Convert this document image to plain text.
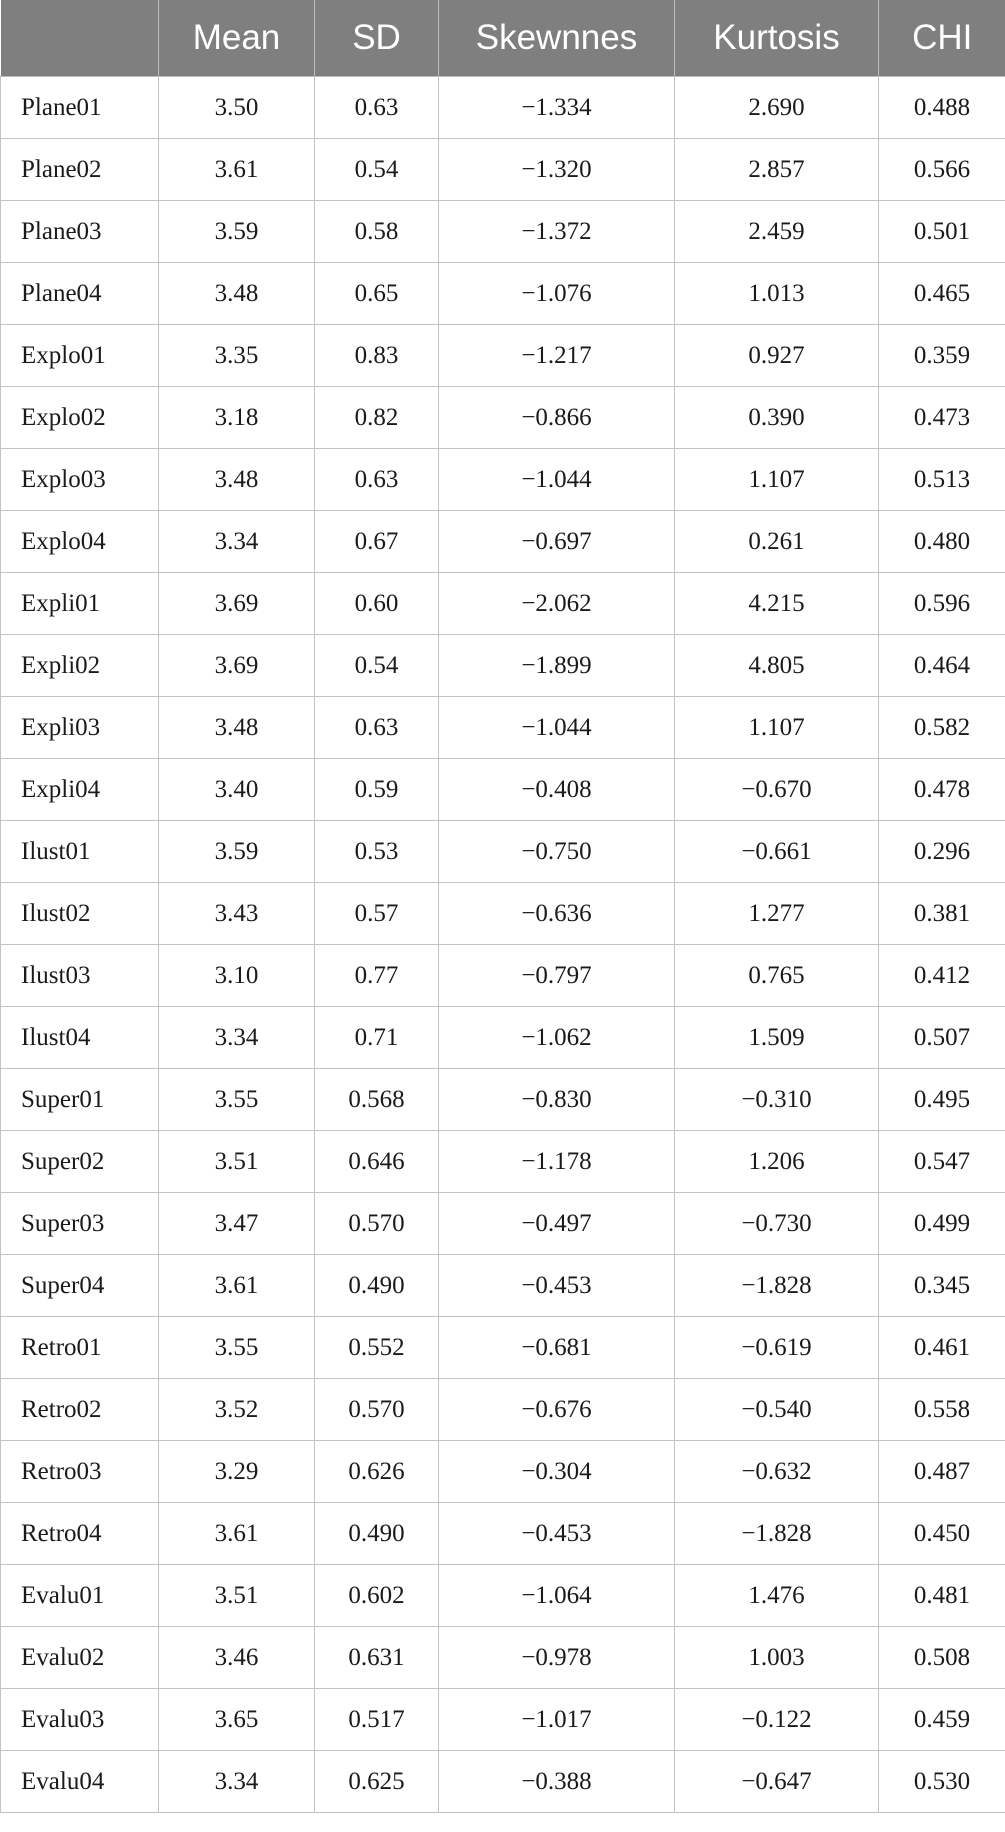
	Mean	SD	Skewnnes	Kurtosis	CHI
Plane01	3.50	0.63	−1.334	2.690	0.488
Plane02	3.61	0.54	−1.320	2.857	0.566
Plane03	3.59	0.58	−1.372	2.459	0.501
Plane04	3.48	0.65	−1.076	1.013	0.465
Explo01	3.35	0.83	−1.217	0.927	0.359
Explo02	3.18	0.82	−0.866	0.390	0.473
Explo03	3.48	0.63	−1.044	1.107	0.513
Explo04	3.34	0.67	−0.697	0.261	0.480
Expli01	3.69	0.60	−2.062	4.215	0.596
Expli02	3.69	0.54	−1.899	4.805	0.464
Expli03	3.48	0.63	−1.044	1.107	0.582
Expli04	3.40	0.59	−0.408	−0.670	0.478
Ilust01	3.59	0.53	−0.750	−0.661	0.296
Ilust02	3.43	0.57	−0.636	1.277	0.381
Ilust03	3.10	0.77	−0.797	0.765	0.412
Ilust04	3.34	0.71	−1.062	1.509	0.507
Super01	3.55	0.568	−0.830	−0.310	0.495
Super02	3.51	0.646	−1.178	1.206	0.547
Super03	3.47	0.570	−0.497	−0.730	0.499
Super04	3.61	0.490	−0.453	−1.828	0.345
Retro01	3.55	0.552	−0.681	−0.619	0.461
Retro02	3.52	0.570	−0.676	−0.540	0.558
Retro03	3.29	0.626	−0.304	−0.632	0.487
Retro04	3.61	0.490	−0.453	−1.828	0.450
Evalu01	3.51	0.602	−1.064	1.476	0.481
Evalu02	3.46	0.631	−0.978	1.003	0.508
Evalu03	3.65	0.517	−1.017	−0.122	0.459
Evalu04	3.34	0.625	−0.388	−0.647	0.530
